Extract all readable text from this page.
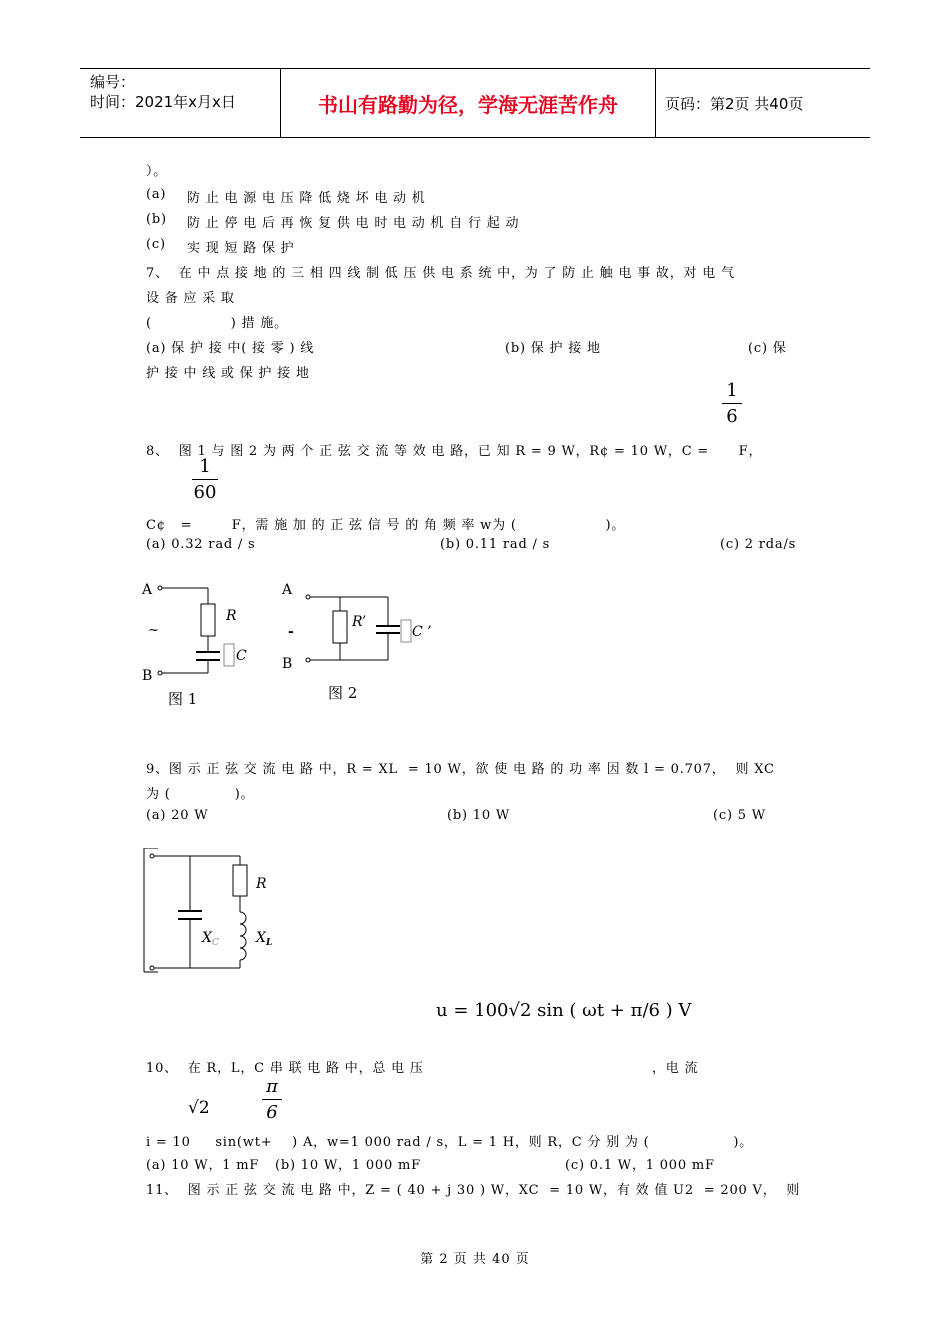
编号：
时间：2021年x月x日	书山有路勤为径，学海无涯苦作舟	页码：第2页 共40页
）。
(a) 防 止 电 源 电 压 降 低 烧 坏 电 动 机
(b) 防 止 停 电 后 再 恢 复 供 电 时 电 动 机 自 行 起 动
(c) 实 现 短 路 保 护
7、  在 中 点 接 地 的 三 相 四 线 制 低 压 供 电 系 统 中，为 了 防 止 触 电 事 故，对 电 气
设 备 应 采 取
(                ) 措 施。
(a) 保 护 接 中( 接 零 ) 线	(b) 保 护 接 地	(c) 保
护 接 中 线 或 保 护 接 地
1
6
8、  图 1 与 图 2 为 两 个 正 弦 交 流 等 效 电 路，已 知 R = 9 W，R¢ = 10 W，C =      F，
1
60
C¢   =        F，需 施 加 的 正 弦 信 号 的 角 频 率 w为 (                  )。
(a) 0.32 rad / s	(b) 0.11 rad / s	(c) 2 rda/s
A
R
C
~
B
图 1
A
R’
C ’
-
B
图 2
9、图 示 正 弦 交 流 电 路 中，R = XL  = 10 W，欲 使 电 路 的 功 率 因 数 l = 0.707，  则 XC
为 (             )。
(a) 20 W	(b) 10 W	(c) 5 W
$X_C$
R
$X_L$
u = 100√2 sin ( ωt + π/6 ) V
10、  在 R，L，C 串 联 电 路 中，总 电 压	，电 流
√2
π
6
i = 10     sin(wt+    ) A，w=1 000 rad / s，L = 1 H，则 R，C 分 别 为 (                 )。
(a) 10 W，1 mF (b) 10 W，1 000 mF	(c) 0.1 W，1 000 mF
11、  图 示 正 弦 交 流 电 路 中，Z = ( 40 + j 30 ) W，XC  = 10 W，有 效 值 U2  = 200 V，  则
第 2 页 共 40 页
